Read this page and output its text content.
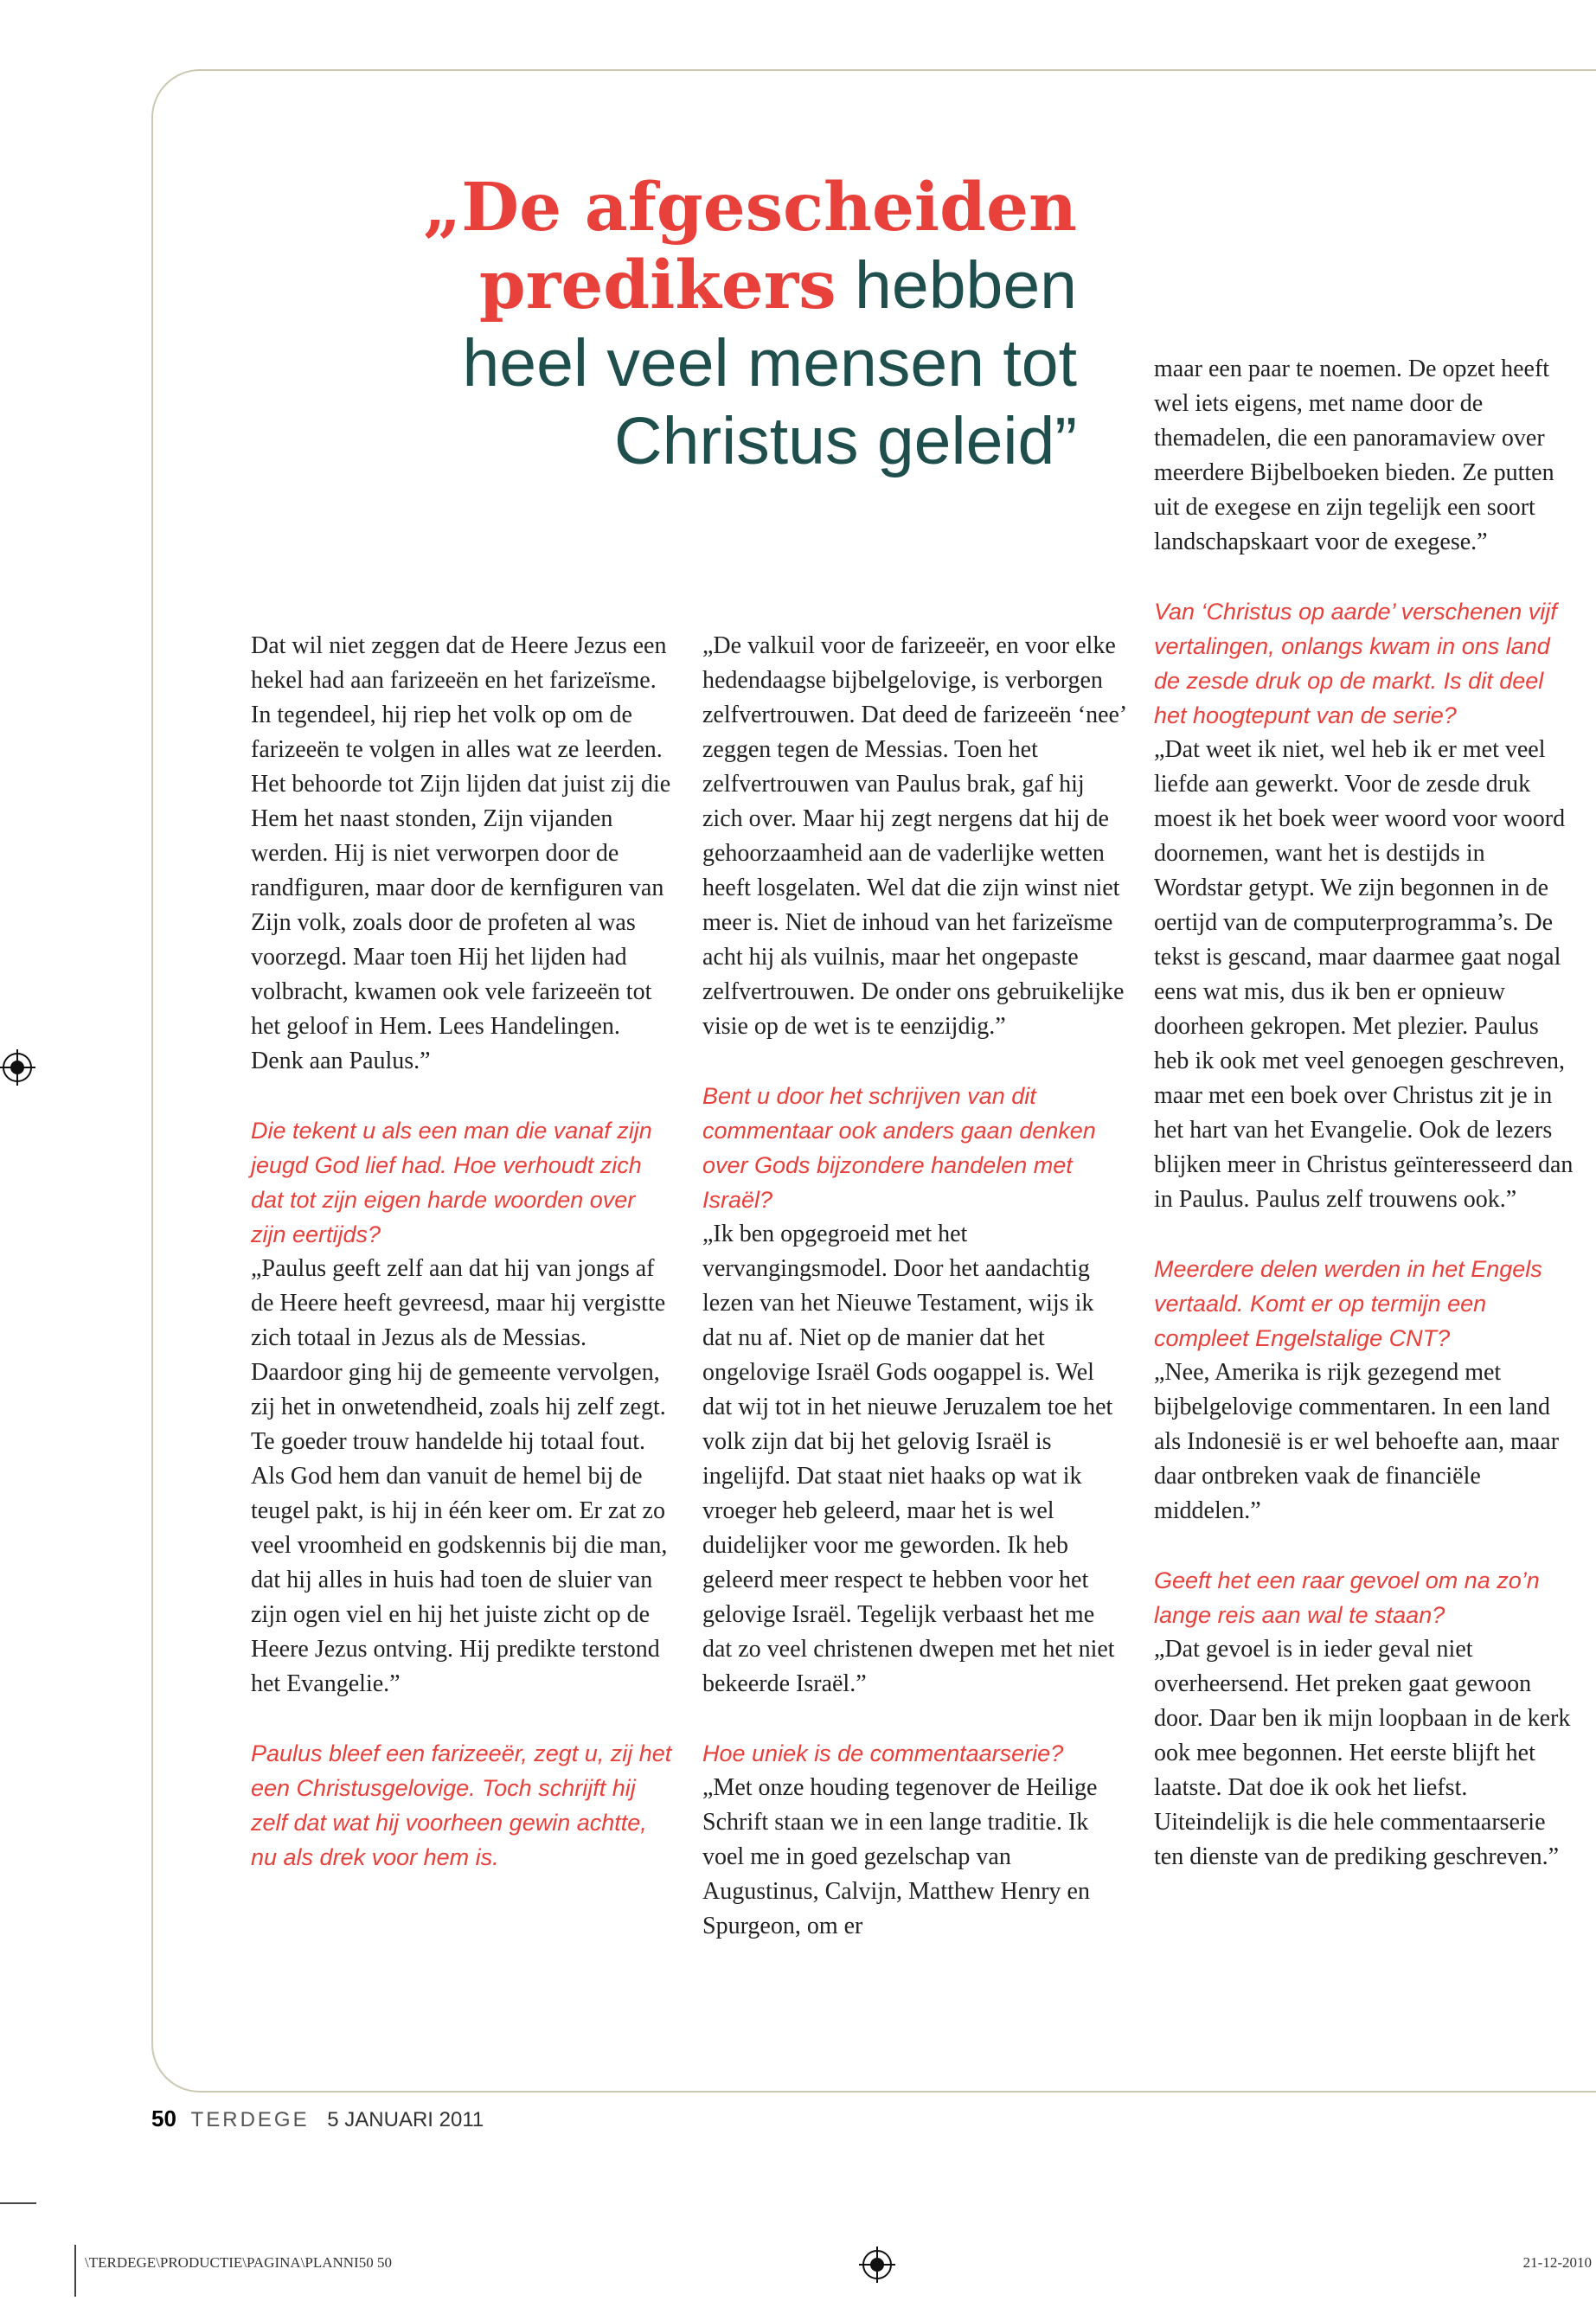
„De afgescheiden

predikers hebben

heel veel mensen tot

Christus geleid”

Dat wil niet zeggen dat de Heere Jezus een hekel had aan farizeeën en het farizeïsme. In tegendeel, hij riep het volk op om de farizeeën te volgen in alles wat ze leerden. Het behoorde tot Zijn lijden dat juist zij die Hem het naast stonden, Zijn vijanden werden. Hij is niet verworpen door de randfiguren, maar door de kernfiguren van Zijn volk, zoals door de profeten al was voorzegd. Maar toen Hij het lijden had volbracht, kwamen ook vele farizeeën tot het geloof in Hem. Lees Handelingen. Denk aan Paulus.”

Die tekent u als een man die vanaf zijn jeugd God lief had. Hoe verhoudt zich dat tot zijn eigen harde woorden over zijn eertijds?

„Paulus geeft zelf aan dat hij van jongs af de Heere heeft gevreesd, maar hij vergistte zich totaal in Jezus als de Messias. Daardoor ging hij de gemeente vervolgen, zij het in onwetendheid, zoals hij zelf zegt. Te goeder trouw handelde hij totaal fout. Als God hem dan vanuit de hemel bij de teugel pakt, is hij in één keer om. Er zat zo veel vroomheid en godskennis bij die man, dat hij alles in huis had toen de sluier van zijn ogen viel en hij het juiste zicht op de Heere Jezus ontving. Hij predikte terstond het Evangelie.”

Paulus bleef een farizeeër, zegt u, zij het een Christusgelovige. Toch schrijft hij zelf dat wat hij voorheen gewin achtte, nu als drek voor hem is.

„De valkuil voor de farizeeër, en voor elke hedendaagse bijbelgelovige, is verborgen zelfvertrouwen. Dat deed de farizeeën ‘nee’ zeggen tegen de Messias. Toen het zelfvertrouwen van Paulus brak, gaf hij zich over. Maar hij zegt nergens dat hij de gehoorzaamheid aan de vaderlijke wetten heeft losgelaten. Wel dat die zijn winst niet meer is. Niet de inhoud van het farizeïsme acht hij als vuilnis, maar het ongepaste zelfvertrouwen. De onder ons gebruikelijke visie op de wet is te eenzijdig.”

Bent u door het schrijven van dit commentaar ook anders gaan denken over Gods bijzondere handelen met Israël?

„Ik ben opgegroeid met het vervangingsmodel. Door het aandachtig lezen van het Nieuwe Testament, wijs ik dat nu af. Niet op de manier dat het ongelovige Israël Gods oogappel is. Wel dat wij tot in het nieuwe Jeruzalem toe het volk zijn dat bij het gelovig Israël is ingelijfd. Dat staat niet haaks op wat ik vroeger heb geleerd, maar het is wel duidelijker voor me geworden. Ik heb geleerd meer respect te hebben voor het gelovige Israël. Tegelijk verbaast het me dat zo veel christenen dwepen met het niet bekeerde Israël.”

Hoe uniek is de commentaarserie?

„Met onze houding tegenover de Heilige Schrift staan we in een lange traditie. Ik voel me in goed gezelschap van Augustinus, Calvijn, Matthew Henry en Spurgeon, om er

maar een paar te noemen. De opzet heeft wel iets eigens, met name door de themadelen, die een panoramaview over meerdere Bijbelboeken bieden. Ze putten uit de exegese en zijn tegelijk een soort landschapskaart voor de exegese.”

Van ‘Christus op aarde’ verschenen vijf vertalingen, onlangs kwam in ons land de zesde druk op de markt. Is dit deel het hoogtepunt van de serie?

„Dat weet ik niet, wel heb ik er met veel liefde aan gewerkt. Voor de zesde druk moest ik het boek weer woord voor woord doornemen, want het is destijds in Wordstar getypt. We zijn begonnen in de oertijd van de computerprogramma’s. De tekst is gescand, maar daarmee gaat nogal eens wat mis, dus ik ben er opnieuw doorheen gekropen. Met plezier. Paulus heb ik ook met veel genoegen geschreven, maar met een boek over Christus zit je in het hart van het Evangelie. Ook de lezers blijken meer in Christus geïnteresseerd dan in Paulus. Paulus zelf trouwens ook.”

Meerdere delen werden in het Engels vertaald. Komt er op termijn een compleet Engelstalige CNT?

„Nee, Amerika is rijk gezegend met bijbelgelovige commentaren. In een land als Indonesië is er wel behoefte aan, maar daar ontbreken vaak de financiële middelen.”

Geeft het een raar gevoel om na zo’n lange reis aan wal te staan?

„Dat gevoel is in ieder geval niet overheersend. Het preken gaat gewoon door. Daar ben ik mijn loopbaan in de kerk ook mee begonnen. Het eerste blijft het laatste. Dat doe ik ook het liefst. Uiteindelijk is die hele commentaarserie ten dienste van de prediking geschreven.”

50 TERDEGE 5 JANUARI 2011
\TERDEGE\PRODUCTIE\PAGINA\PLANNI50 50	21-12-2010
